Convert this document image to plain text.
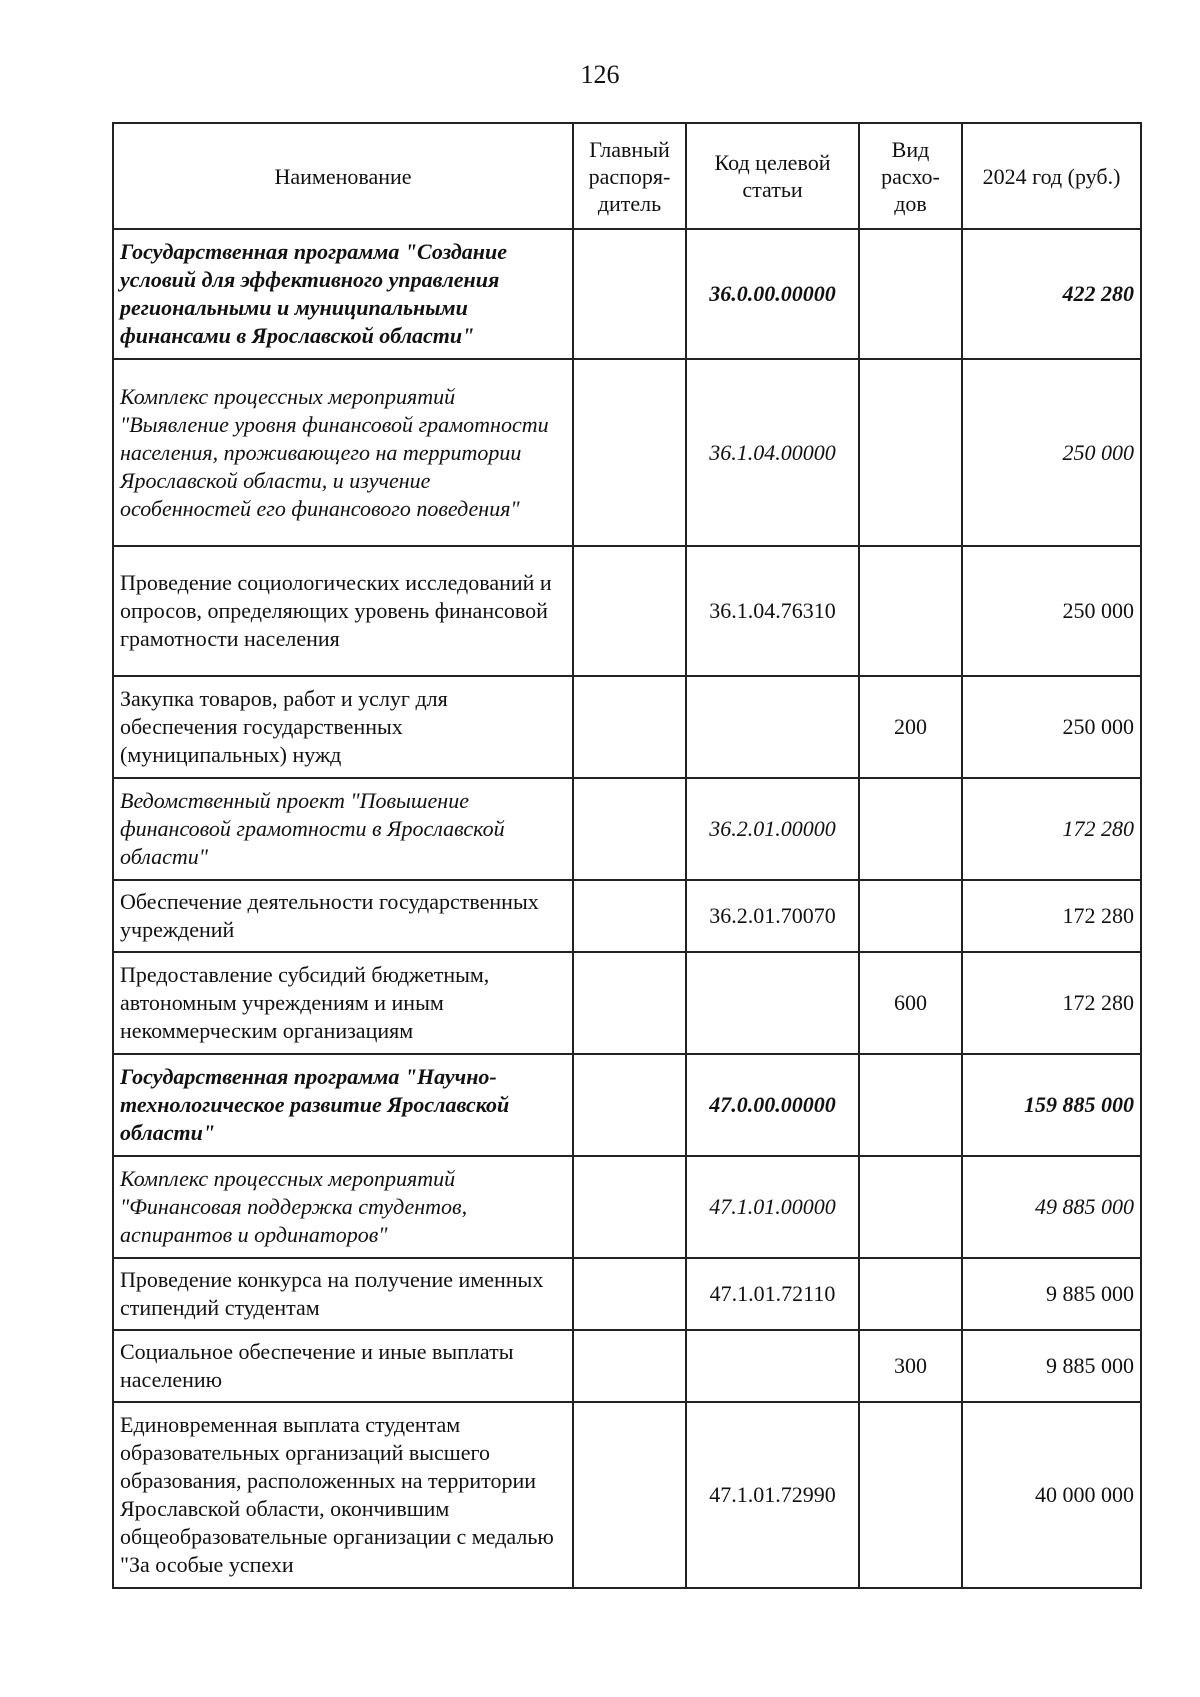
126
Наименование	Главный распоря-дитель	Код целевой статьи	Вид расхо-дов	2024 год (руб.)
Государственная программа "Создание условий для эффективного управления региональными и муниципальными финансами в Ярославской области"		36.0.00.00000		422 280
Комплекс процессных мероприятий "Выявление уровня финансовой грамотности населения, проживающего на территории Ярославской области, и изучение особенностей его финансового поведения"		36.1.04.00000		250 000
Проведение социологических исследований и опросов, определяющих уровень финансовой грамотности населения		36.1.04.76310		250 000
Закупка товаров, работ и услуг для обеспечения государственных (муниципальных) нужд			200	250 000
Ведомственный проект "Повышение финансовой грамотности в Ярославской области"		36.2.01.00000		172 280
Обеспечение деятельности государственных учреждений		36.2.01.70070		172 280
Предоставление субсидий бюджетным, автономным учреждениям и иным некоммерческим организациям			600	172 280
Государственная программа "Научно-технологическое развитие Ярославской области"		47.0.00.00000		159 885 000
Комплекс процессных мероприятий "Финансовая поддержка студентов, аспирантов и ординаторов"		47.1.01.00000		49 885 000
Проведение конкурса на получение именных стипендий студентам		47.1.01.72110		9 885 000
Социальное обеспечение и иные выплаты населению			300	9 885 000
Единовременная выплата студентам образовательных организаций высшего образования, расположенных на территории Ярославской области, окончившим общеобразовательные организации с медалью "За особые успехи		47.1.01.72990		40 000 000
